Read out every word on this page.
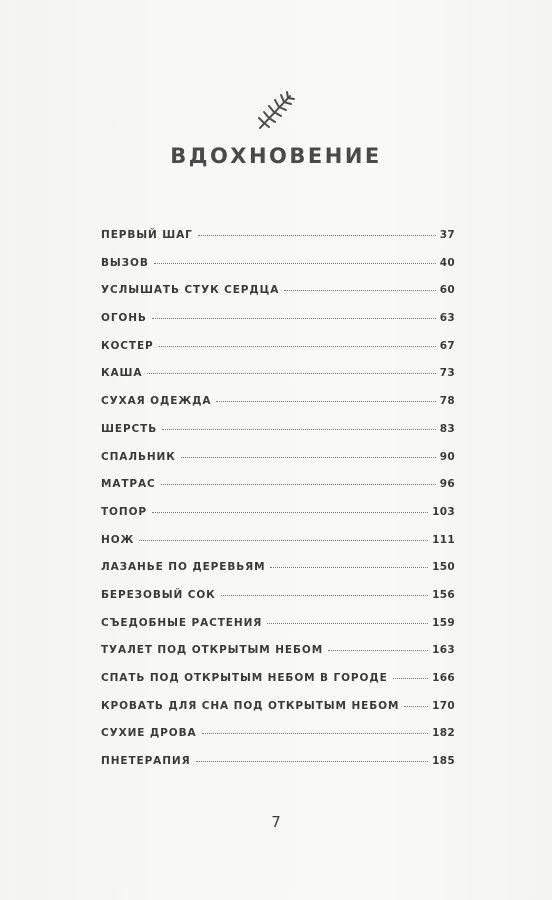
ВДОХНОВЕНИЕ
ПЕРВЫЙ ШАГ	37
ВЫЗОВ	40
УСЛЫШАТЬ СТУК СЕРДЦА	60
ОГОНЬ	63
КОСТЕР	67
КАША	73
СУХАЯ ОДЕЖДА	78
ШЕРСТЬ	83
СПАЛЬНИК	90
МАТРАС	96
ТОПОР	103
НОЖ	111
ЛАЗАНЬЕ ПО ДЕРЕВЬЯМ	150
БЕРЕЗОВЫЙ СОК	156
СЪЕДОБНЫЕ РАСТЕНИЯ	159
ТУАЛЕТ ПОД ОТКРЫТЫМ НЕБОМ	163
СПАТЬ ПОД ОТКРЫТЫМ НЕБОМ В ГОРОДЕ	166
КРОВАТЬ ДЛЯ СНА ПОД ОТКРЫТЫМ НЕБОМ	170
СУХИЕ ДРОВА	182
ПНЕТЕРАПИЯ	185
7
